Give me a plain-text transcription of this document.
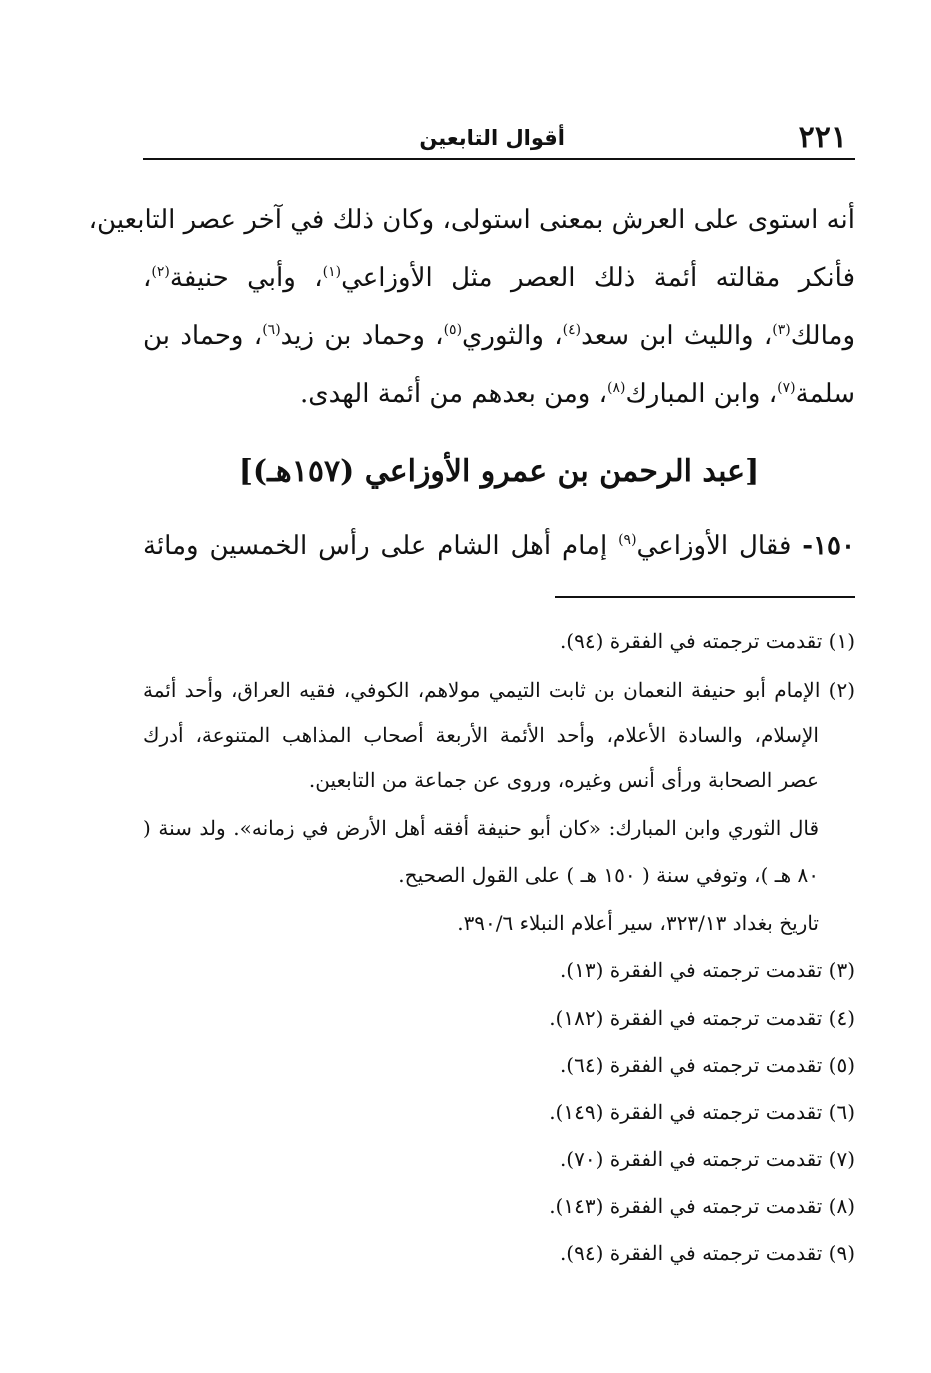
٢٢١
أقوال التابعين
أنه استوى على العرش بمعنى استولى، وكان ذلك في آخر عصر التابعين،
فأنكر مقالته أئمة ذلك العصر مثل الأوزاعي$^{(١)}$، وأبي حنيفة$^{(٢)}$،
ومالك$^{(٣)}$، والليث ابن سعد$^{(٤)}$، والثوري$^{(٥)}$، وحماد بن زيد$^{(٦)}$، وحماد بن
سلمة$^{(٧)}$، وابن المبارك$^{(٨)}$، ومن بعدهم من أئمة الهدى.
[عبد الرحمن بن عمرو الأوزاعي (١٥٧هـ)]
١٥٠- فقال الأوزاعي$^{(٩)}$ إمام أهل الشام على رأس الخمسين ومائة
(١) تقدمت ترجمته في الفقرة (٩٤).
(٢) الإمام أبو حنيفة النعمان بن ثابت التيمي مولاهم، الكوفي، فقيه العراق، وأحد أئمة
الإسلام، والسادة الأعلام، وأحد الأئمة الأربعة أصحاب المذاهب المتنوعة، أدرك
عصر الصحابة ورأى أنس وغيره، وروى عن جماعة من التابعين.
قال الثوري وابن المبارك: «كان أبو حنيفة أفقه أهل الأرض في زمانه». ولد سنة (
٨٠ هـ )، وتوفي سنة ( ١٥٠ هـ ) على القول الصحيح.
تاريخ بغداد ٣٢٣/١٣، سير أعلام النبلاء ٣٩٠/٦.
(٣) تقدمت ترجمته في الفقرة (١٣).
(٤) تقدمت ترجمته في الفقرة (١٨٢).
(٥) تقدمت ترجمته في الفقرة (٦٤).
(٦) تقدمت ترجمته في الفقرة (١٤٩).
(٧) تقدمت ترجمته في الفقرة (٧٠).
(٨) تقدمت ترجمته في الفقرة (١٤٣).
(٩) تقدمت ترجمته في الفقرة (٩٤).
